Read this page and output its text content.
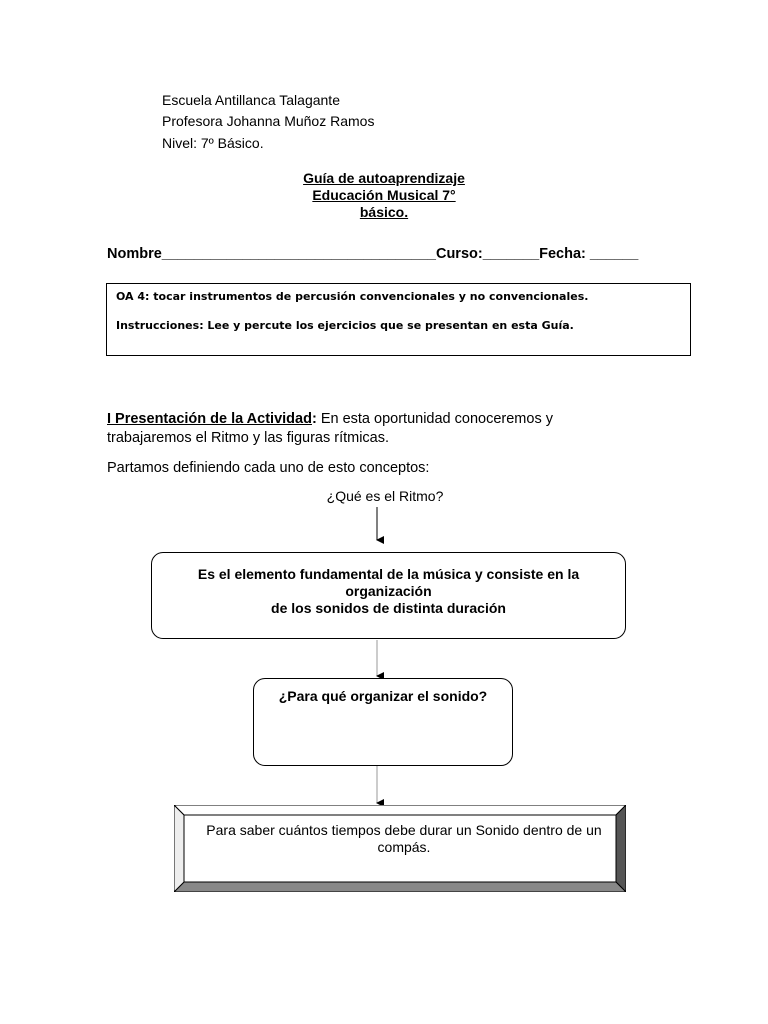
Escuela Antillanca Talagante
Profesora Johanna Muñoz Ramos
Nivel: 7º Básico.
Guía de autoaprendizaje
Educación Musical 7°
básico.
Nombre__________________________________Curso:_______Fecha: ______
OA 4: tocar instrumentos de percusión convencionales y no convencionales.
Instrucciones: Lee y percute los ejercicios que se presentan en esta Guía.
I Presentación de la Actividad: En esta oportunidad conoceremos y trabajaremos el Ritmo y las figuras rítmicas.
Partamos definiendo cada uno de esto conceptos:
¿Qué es el Ritmo?
Es el elemento fundamental de la música y consiste en la
organización
de los sonidos de distinta duración
¿Para qué organizar el sonido?
Para saber cuántos tiempos debe durar un Sonido dentro de un compás.
